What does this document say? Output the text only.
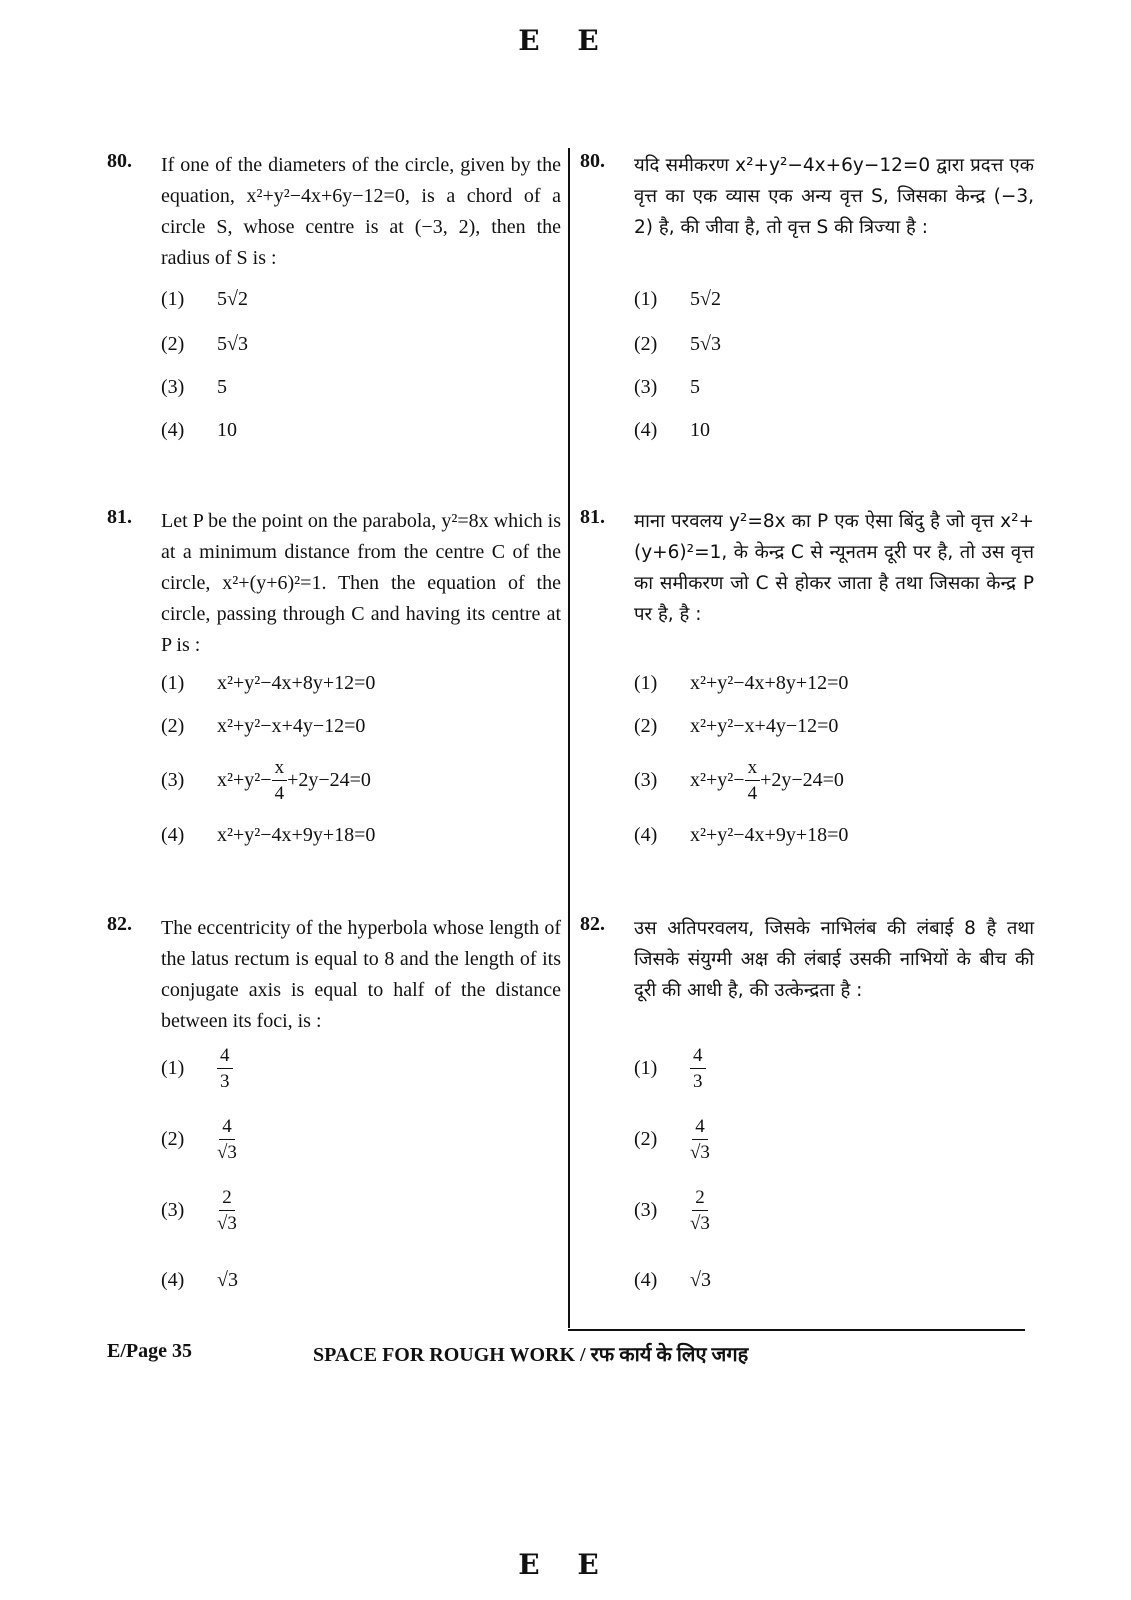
E E
80. If one of the diameters of the circle, given by the equation, x²+y²−4x+6y−12=0, is a chord of a circle S, whose centre is at (−3, 2), then the radius of S is :
(1)	5√2
(2)	5√3
(3)	5
(4)	10
81. Let P be the point on the parabola, y²=8x which is at a minimum distance from the centre C of the circle, x²+(y+6)²=1. Then the equation of the circle, passing through C and having its centre at P is :
(1)	x²+y²−4x+8y+12=0
(2)	x²+y²−x+4y−12=0
(3)	$x^2+y^2- \frac{x}{4} +2y-24=0$
(4)	x²+y²−4x+9y+18=0
82. The eccentricity of the hyperbola whose length of the latus rectum is equal to 8 and the length of its conjugate axis is equal to half of the distance between its foci, is :
(1)	$\frac{4}{3}$
(2)	$\frac{4}{√3}$
(3)	$\frac{2}{√3}$
(4)	√3
80. यदि समीकरण x²+y²−4x+6y−12=0 द्वारा प्रदत्त एक वृत्त का एक व्यास एक अन्य वृत्त S, जिसका केन्द्र (−3, 2) है, की जीवा है, तो वृत्त S की त्रिज्या है :
(1)	5√2
(2)	5√3
(3)	5
(4)	10
81. माना परवलय y²=8x का P एक ऐसा बिंदु है जो वृत्त x²+(y+6)²=1, के केन्द्र C से न्यूनतम दूरी पर है, तो उस वृत्त का समीकरण जो C से होकर जाता है तथा जिसका केन्द्र P पर है, है :
(1)	x²+y²−4x+8y+12=0
(2)	x²+y²−x+4y−12=0
(3)	$x^2+y^2- \frac{x}{4} +2y-24=0$
(4)	x²+y²−4x+9y+18=0
82. उस अतिपरवलय, जिसके नाभिलंब की लंबाई 8 है तथा जिसके संयुग्मी अक्ष की लंबाई उसकी नाभियों के बीच की दूरी की आधी है, की उत्केन्द्रता है :
(1)	$\frac{4}{3}$
(2)	$\frac{4}{√3}$
(3)	$\frac{2}{√3}$
(4)	√3
E/Page 35	SPACE FOR ROUGH WORK / रफ कार्य के लिए जगह
E E
